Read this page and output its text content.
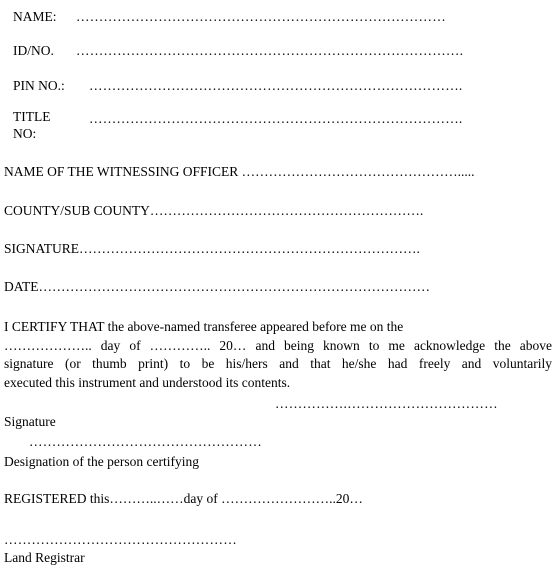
NAME: ………………………………………………………………………
ID/NO. ………………………………………………………………………….
PIN NO.: ……………………………………………………………………….
TITLE
NO:
……………………………………………………………………….
NAME OF THE WITNESSING OFFICER ………………………………………….....
COUNTY/SUB COUNTY…………………………………………………….
SIGNATURE………………………………………………………………….
DATE……………………………………………………………………………
I CERTIFY THAT the above-named transferee appeared before me on the
……………….. day of ………….. 20… and being known to me acknowledge the above
signature (or thumb print) to be his/hers and that he/she had freely and voluntarily
executed this instrument and understood its contents.
…………….……………………………
Signature
……………………………………………
Designation of the person certifying
REGISTERED this………..……day of ……………………..20…
……………………………………………
Land Registrar
